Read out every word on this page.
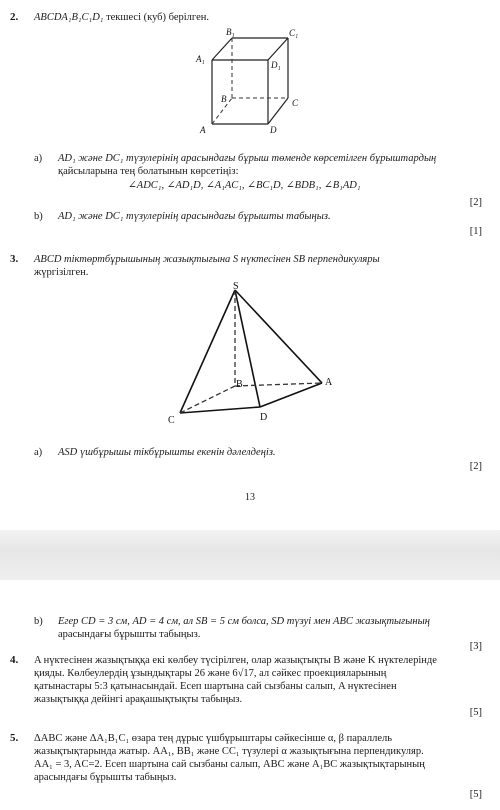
2. ABCDA₁B₁C₁D₁ текшесі (куб) берілген.
B₁	C₁
A₁
D₁
B	C
A	D
a) AD₁ және DC₁ түзулерінің арасындағы бұрыш төменде көрсетілген бұрыштардың
қайсыларына тең болатынын көрсетіңіз:
∠ADC₁, ∠AD₁D, ∠A₁AC₁, ∠BC₁D, ∠BDB₁, ∠B₁AD₁
[2]
b) AD₁ және DC₁ түзулерінің арасындағы бұрышты табыңыз.
[1]
3. ABCD тіктөртбұрышының жазықтығына S нүктесінен SB перпендикуляры
жүргізілген.
S
B	A
C	D
a) ASD үшбұрышы тікбұрышты екенін дәлелдеңіз.
[2]
13
b) Егер CD = 3 см, AD = 4 см, ал SB = 5 см болса, SD түзуі мен ABC жазықтығының
арасындағы бұрышты табыңыз.
[3]
4. A нүктесінен жазықтыққа екі көлбеу түсірілген, олар жазықтықты B және K нүктелерінде
қияды. Көлбеулердің ұзындықтары 26 және 6√17, ал сәйкес проекцияларының
қатынастары 5:3 қатынасындай. Есеп шартына сай сызбаны салып, A нүктесінен
жазықтыққа дейінгі арақашықтықты табыңыз.
[5]
5. ΔABC және ΔA₁B₁C₁ өзара тең дұрыс үшбұрыштары сәйкесінше α, β параллель
жазықтықтарында жатыр. AA₁, BB₁ және CC₁ түзулері α жазықтығына перпендикуляр.
AA₁ = 3, AC=2. Есеп шартына сай сызбаны салып, ABC және A₁BC жазықтықтарының
арасындағы бұрышты табыңыз.
[5]
